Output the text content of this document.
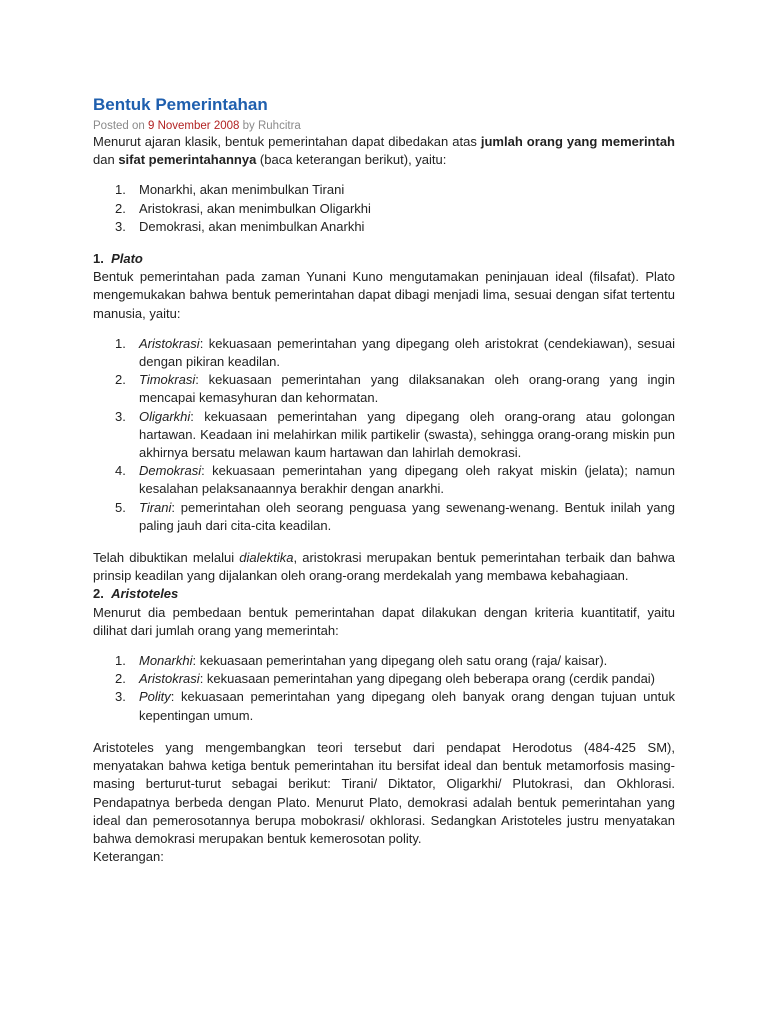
Bentuk Pemerintahan
Posted on 9 November 2008 by Ruhcitra

Menurut ajaran klasik, bentuk pemerintahan dapat dibedakan atas jumlah orang yang memerintah dan sifat pemerintahannya (baca keterangan berikut), yaitu:

1. Monarkhi, akan menimbulkan Tirani
2. Aristokrasi, akan menimbulkan Oligarkhi
3. Demokrasi, akan menimbulkan Anarkhi
1. Plato

Bentuk pemerintahan pada zaman Yunani Kuno mengutamakan peninjauan ideal (filsafat). Plato mengemukakan bahwa bentuk pemerintahan dapat dibagi menjadi lima, sesuai dengan sifat tertentu manusia, yaitu:

1. Aristokrasi: kekuasaan pemerintahan yang dipegang oleh aristokrat (cendekiawan), sesuai dengan pikiran keadilan.
2. Timokrasi: kekuasaan pemerintahan yang dilaksanakan oleh orang-orang yang ingin mencapai kemasyhuran dan kehormatan.
3. Oligarkhi: kekuasaan pemerintahan yang dipegang oleh orang-orang atau golongan hartawan. Keadaan ini melahirkan milik partikelir (swasta), sehingga orang-orang miskin pun akhirnya bersatu melawan kaum hartawan dan lahirlah demokrasi.
4. Demokrasi: kekuasaan pemerintahan yang dipegang oleh rakyat miskin (jelata); namun kesalahan pelaksanaannya berakhir dengan anarkhi.
5. Tirani: pemerintahan oleh seorang penguasa yang sewenang-wenang. Bentuk inilah yang paling jauh dari cita-cita keadilan.

Telah dibuktikan melalui dialektika, aristokrasi merupakan bentuk pemerintahan terbaik dan bahwa prinsip keadilan yang dijalankan oleh orang-orang merdekalah yang membawa kebahagiaan.

2. Aristoteles

Menurut dia pembedaan bentuk pemerintahan dapat dilakukan dengan kriteria kuantitatif, yaitu dilihat dari jumlah orang yang memerintah:

1. Monarkhi: kekuasaan pemerintahan yang dipegang oleh satu orang (raja/ kaisar).
2. Aristokrasi: kekuasaan pemerintahan yang dipegang oleh beberapa orang (cerdik pandai)
3. Polity: kekuasaan pemerintahan yang dipegang oleh banyak orang dengan tujuan untuk kepentingan umum.

Aristoteles yang mengembangkan teori tersebut dari pendapat Herodotus (484-425 SM), menyatakan bahwa ketiga bentuk pemerintahan itu bersifat ideal dan bentuk metamorfosis masing-masing berturut-turut sebagai berikut: Tirani/ Diktator, Oligarkhi/ Plutokrasi, dan Okhlorasi. Pendapatnya berbeda dengan Plato. Menurut Plato, demokrasi adalah bentuk pemerintahan yang ideal dan pemerosotannya berupa mobokrasi/ okhlorasi. Sedangkan Aristoteles justru menyatakan bahwa demokrasi merupakan bentuk kemerosotan polity.

Keterangan:
